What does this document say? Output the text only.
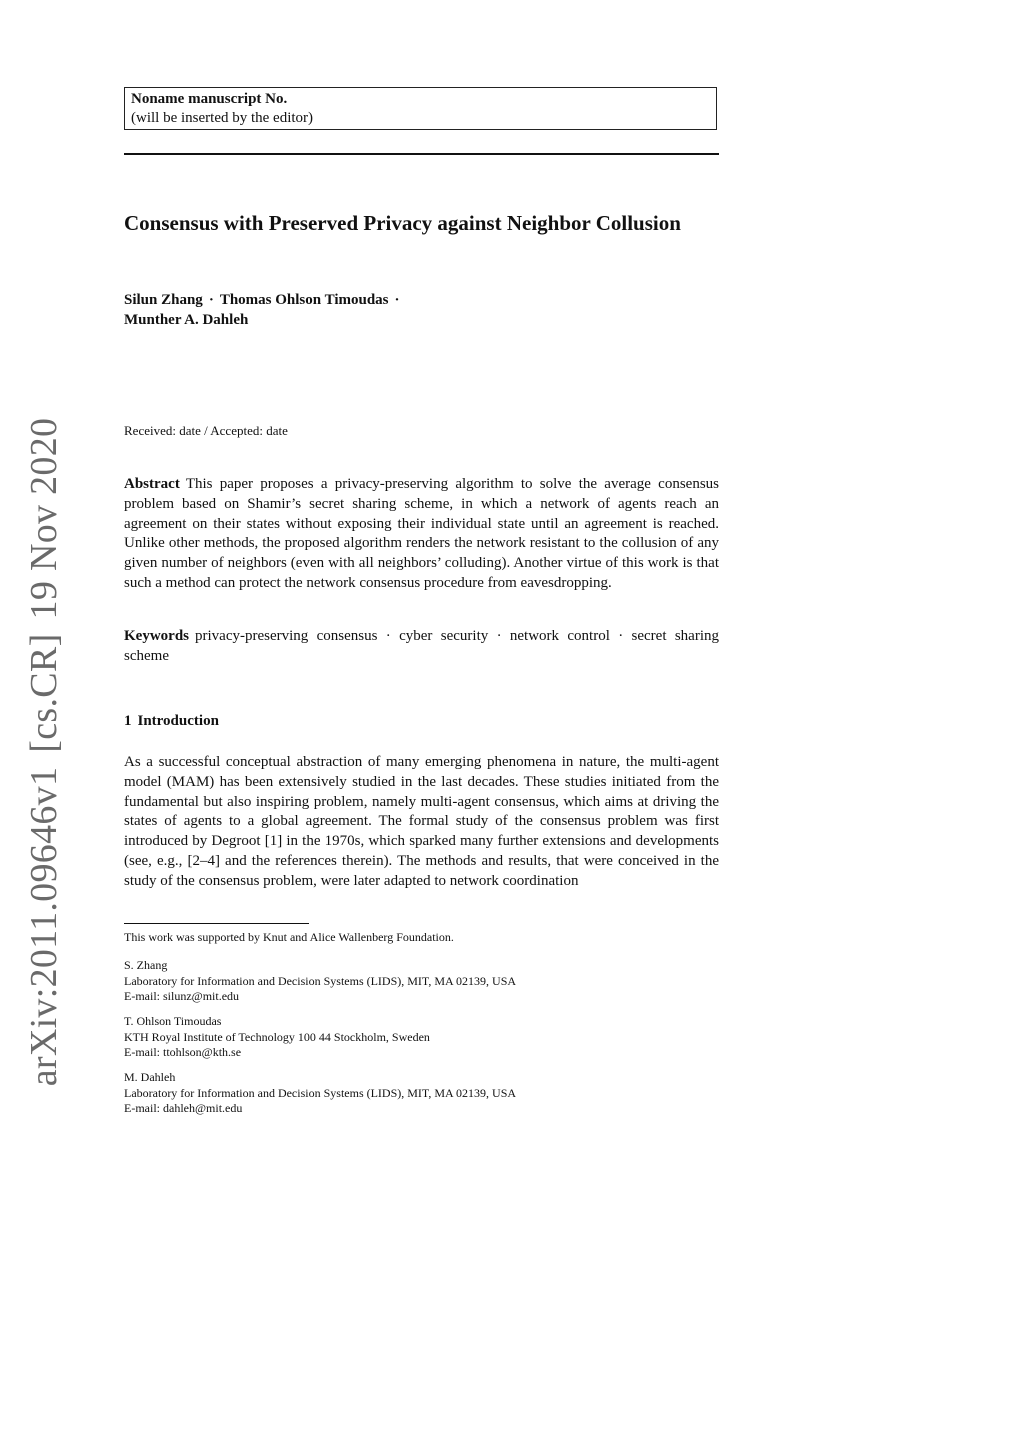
Noname manuscript No.
(will be inserted by the editor)
Consensus with Preserved Privacy against Neighbor Collusion
Silun Zhang · Thomas Ohlson Timoudas ·
Munther A. Dahleh
Received: date / Accepted: date
Abstract This paper proposes a privacy-preserving algorithm to solve the average consensus problem based on Shamir’s secret sharing scheme, in which a network of agents reach an agreement on their states without exposing their individual state until an agreement is reached. Unlike other methods, the proposed algorithm renders the network resistant to the collusion of any given number of neighbors (even with all neighbors’ colluding). Another virtue of this work is that such a method can protect the network consensus procedure from eavesdropping.
Keywords privacy-preserving consensus · cyber security · network control · secret sharing scheme
1 Introduction
As a successful conceptual abstraction of many emerging phenomena in nature, the multi-agent model (MAM) has been extensively studied in the last decades. These studies initiated from the fundamental but also inspiring problem, namely multi-agent consensus, which aims at driving the states of agents to a global agreement. The formal study of the consensus problem was first introduced by Degroot [1] in the 1970s, which sparked many further extensions and developments (see, e.g., [2–4] and the references therein). The methods and results, that were conceived in the study of the consensus problem, were later adapted to network coordination
This work was supported by Knut and Alice Wallenberg Foundation.
S. Zhang
Laboratory for Information and Decision Systems (LIDS), MIT, MA 02139, USA
E-mail: silunz@mit.edu
T. Ohlson Timoudas
KTH Royal Institute of Technology 100 44 Stockholm, Sweden
E-mail: ttohlson@kth.se
M. Dahleh
Laboratory for Information and Decision Systems (LIDS), MIT, MA 02139, USA
E-mail: dahleh@mit.edu
arXiv:2011.09646v1[cs.CR]19 Nov 2020
